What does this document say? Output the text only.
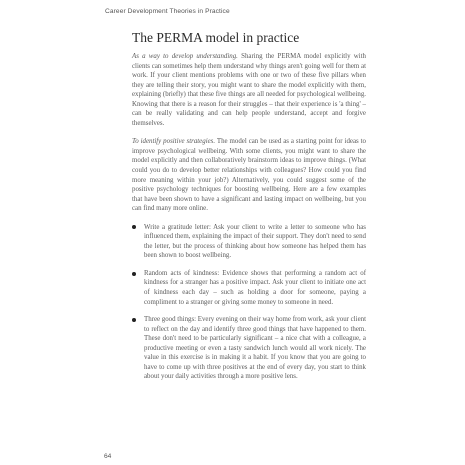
Career Development Theories in Practice
The PERMA model in practice

As a way to develop understanding. Sharing the PERMA model explicitly with clients can sometimes help them understand why things aren't going well for them at work. If your client mentions problems with one or two of these five pillars when they are telling their story, you might want to share the model explicitly with them, explaining (briefly) that these five things are all needed for psychological wellbeing. Knowing that there is a reason for their struggles – that their experience is 'a thing' – can be really validating and can help people understand, accept and forgive themselves.

To identify positive strategies. The model can be used as a starting point for ideas to improve psychological wellbeing. With some clients, you might want to share the model explicitly and then collaboratively brainstorm ideas to improve things. (What could you do to develop better relationships with colleagues? How could you find more meaning within your job?) Alternatively, you could suggest some of the positive psychology techniques for boosting wellbeing. Here are a few examples that have been shown to have a significant and lasting impact on wellbeing, but you can find many more online.

Write a gratitude letter: Ask your client to write a letter to someone who has influenced them, explaining the impact of their support. They don't need to send the letter, but the process of thinking about how someone has helped them has been shown to boost wellbeing.
Random acts of kindness: Evidence shows that performing a random act of kindness for a stranger has a positive impact. Ask your client to initiate one act of kindness each day – such as holding a door for someone, paying a compliment to a stranger or giving some money to someone in need.
Three good things: Every evening on their way home from work, ask your client to reflect on the day and identify three good things that have happened to them. These don't need to be particularly significant – a nice chat with a colleague, a productive meeting or even a tasty sandwich lunch would all work nicely. The value in this exercise is in making it a habit. If you know that you are going to have to come up with three positives at the end of every day, you start to think about your daily activities through a more positive lens.
64
